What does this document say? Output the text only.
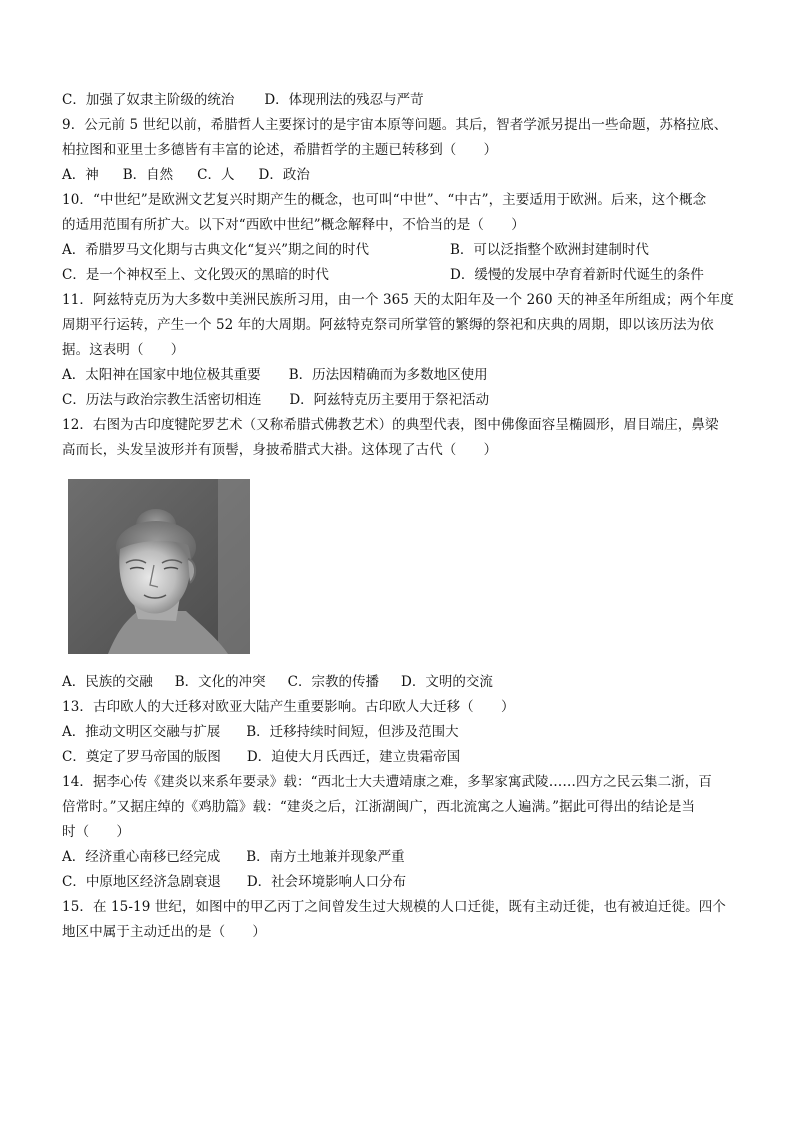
C．加强了奴隶主阶级的统治 D．体现刑法的残忍与严苛
9．公元前 5 世纪以前，希腊哲人主要探讨的是宇宙本原等问题。其后，智者学派另提出一些命题，苏格拉底、
柏拉图和亚里士多德皆有丰富的论述，希腊哲学的主题已转移到（　　）
A．神 B．自然 C．人 D．政治
10．“中世纪”是欧洲文艺复兴时期产生的概念，也可叫“中世”、“中古”，主要适用于欧洲。后来，这个概念
的适用范围有所扩大。以下对“西欧中世纪”概念解释中，不恰当的是（　　）
A．希腊罗马文化期与古典文化“复兴”期之间的时代	B．可以泛指整个欧洲封建制时代
C．是一个神权至上、文化毁灭的黑暗的时代	D．缓慢的发展中孕育着新时代诞生的条件
11．阿兹特克历为大多数中美洲民族所习用，由一个 365 天的太阳年及一个 260 天的神圣年所组成；两个年度
周期平行运转，产生一个 52 年的大周期。阿兹特克祭司所掌管的繁缛的祭祀和庆典的周期，即以该历法为依
据。这表明（　　）
A．太阳神在国家中地位极其重要 B．历法因精确而为多数地区使用
C．历法与政治宗教生活密切相连 D．阿兹特克历主要用于祭祀活动
12．右图为古印度犍陀罗艺术（又称希腊式佛教艺术）的典型代表，图中佛像面容呈椭圆形，眉目端庄，鼻梁
高而长，头发呈波形并有顶髻，身披希腊式大褂。这体现了古代（　　）
A．民族的交融 B．文化的冲突 C．宗教的传播 D．文明的交流
13．古印欧人的大迁移对欧亚大陆产生重要影响。古印欧人大迁移（　　）
A．推动文明区交融与扩展 B．迁移持续时间短，但涉及范围大
C．奠定了罗马帝国的版图 D．迫使大月氏西迁，建立贵霜帝国
14．据李心传《建炎以来系年要录》载：“西北士大夫遭靖康之难，多挈家寓武陵……四方之民云集二浙，百
倍常时。”又据庄绰的《鸡肋篇》载：“建炎之后，江浙湖闽广，西北流寓之人遍满。”据此可得出的结论是当
时（　　）
A．经济重心南移已经完成 B．南方土地兼并现象严重
C．中原地区经济急剧衰退 D．社会环境影响人口分布
15．在 15-19 世纪，如图中的甲乙丙丁之间曾发生过大规模的人口迁徙，既有主动迁徙，也有被迫迁徙。四个
地区中属于主动迁出的是（　　）
